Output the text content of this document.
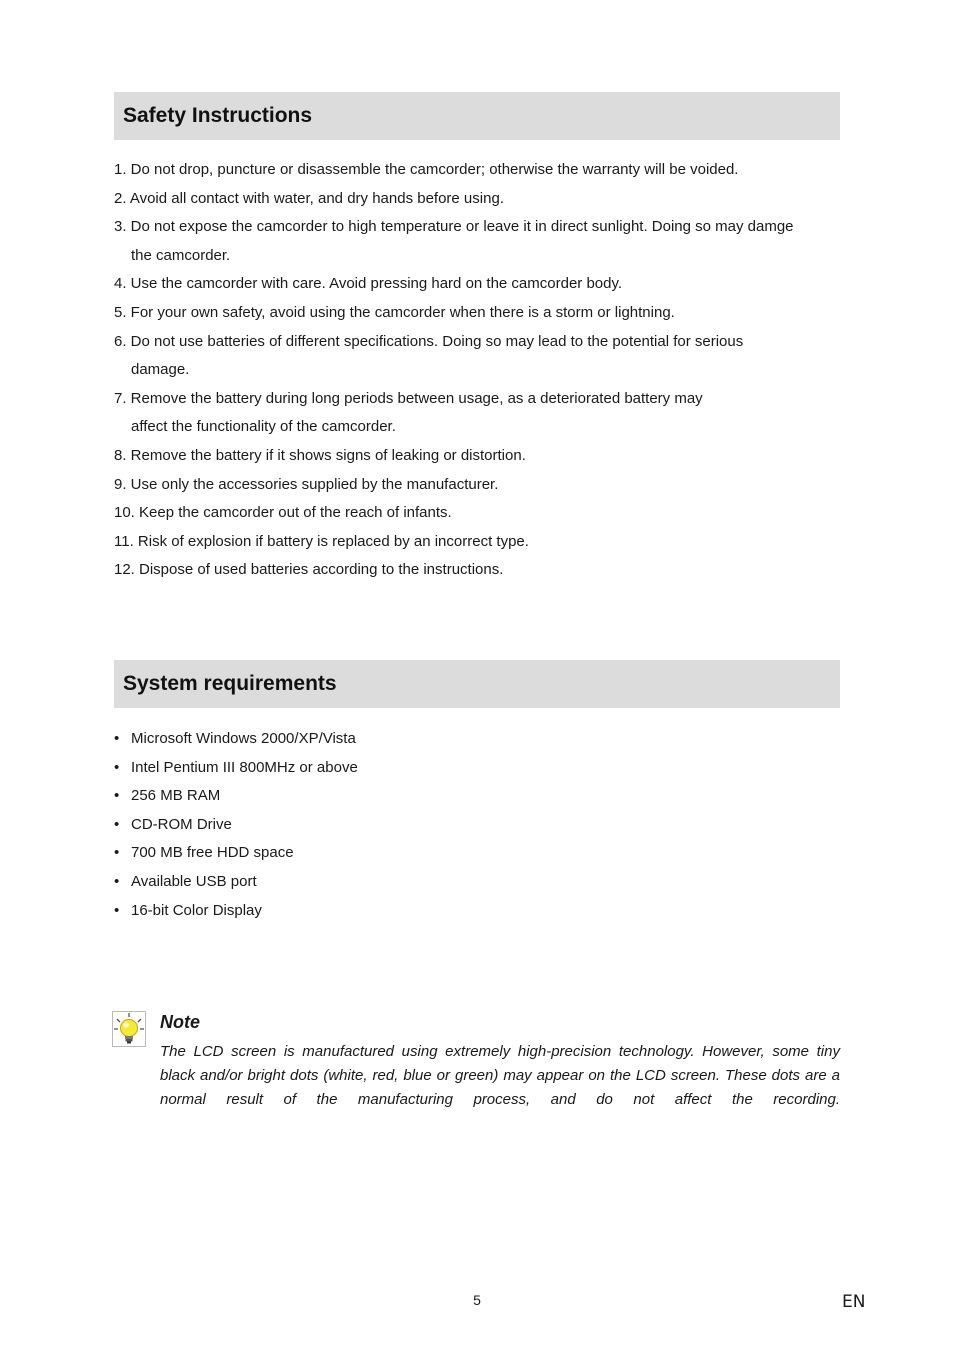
Safety Instructions
1. Do not drop, puncture or disassemble the camcorder; otherwise the warranty will be voided.
2. Avoid all contact with water, and dry hands before using.
3. Do not expose the camcorder to high temperature or leave it in direct sunlight. Doing so may damge
the camcorder.
4. Use the camcorder with care. Avoid pressing hard on the camcorder body.
5. For your own safety, avoid using the camcorder when there is a storm or lightning.
6. Do not use batteries of different specifications. Doing so may lead to the potential for serious
damage.
7. Remove the battery during long periods between usage, as a deteriorated battery may
affect the functionality of the camcorder.
8. Remove the battery if it shows signs of leaking or distortion.
9. Use only the accessories supplied by the manufacturer.
10. Keep the camcorder out of the reach of infants.
11. Risk of explosion if battery is replaced by an incorrect type.
12. Dispose of used batteries according to the instructions.
System requirements
• Microsoft Windows 2000/XP/Vista
• Intel Pentium III 800MHz or above
• 256 MB RAM
• CD-ROM Drive
• 700 MB free HDD space
• Available USB port
• 16-bit Color Display
Note

The LCD screen is manufactured using extremely high-precision technology. However, some tiny black and/or bright dots (white, red, blue or green) may appear on the LCD screen. These dots are a normal result of the manufacturing process, and do not affect the recording.

5	EN
